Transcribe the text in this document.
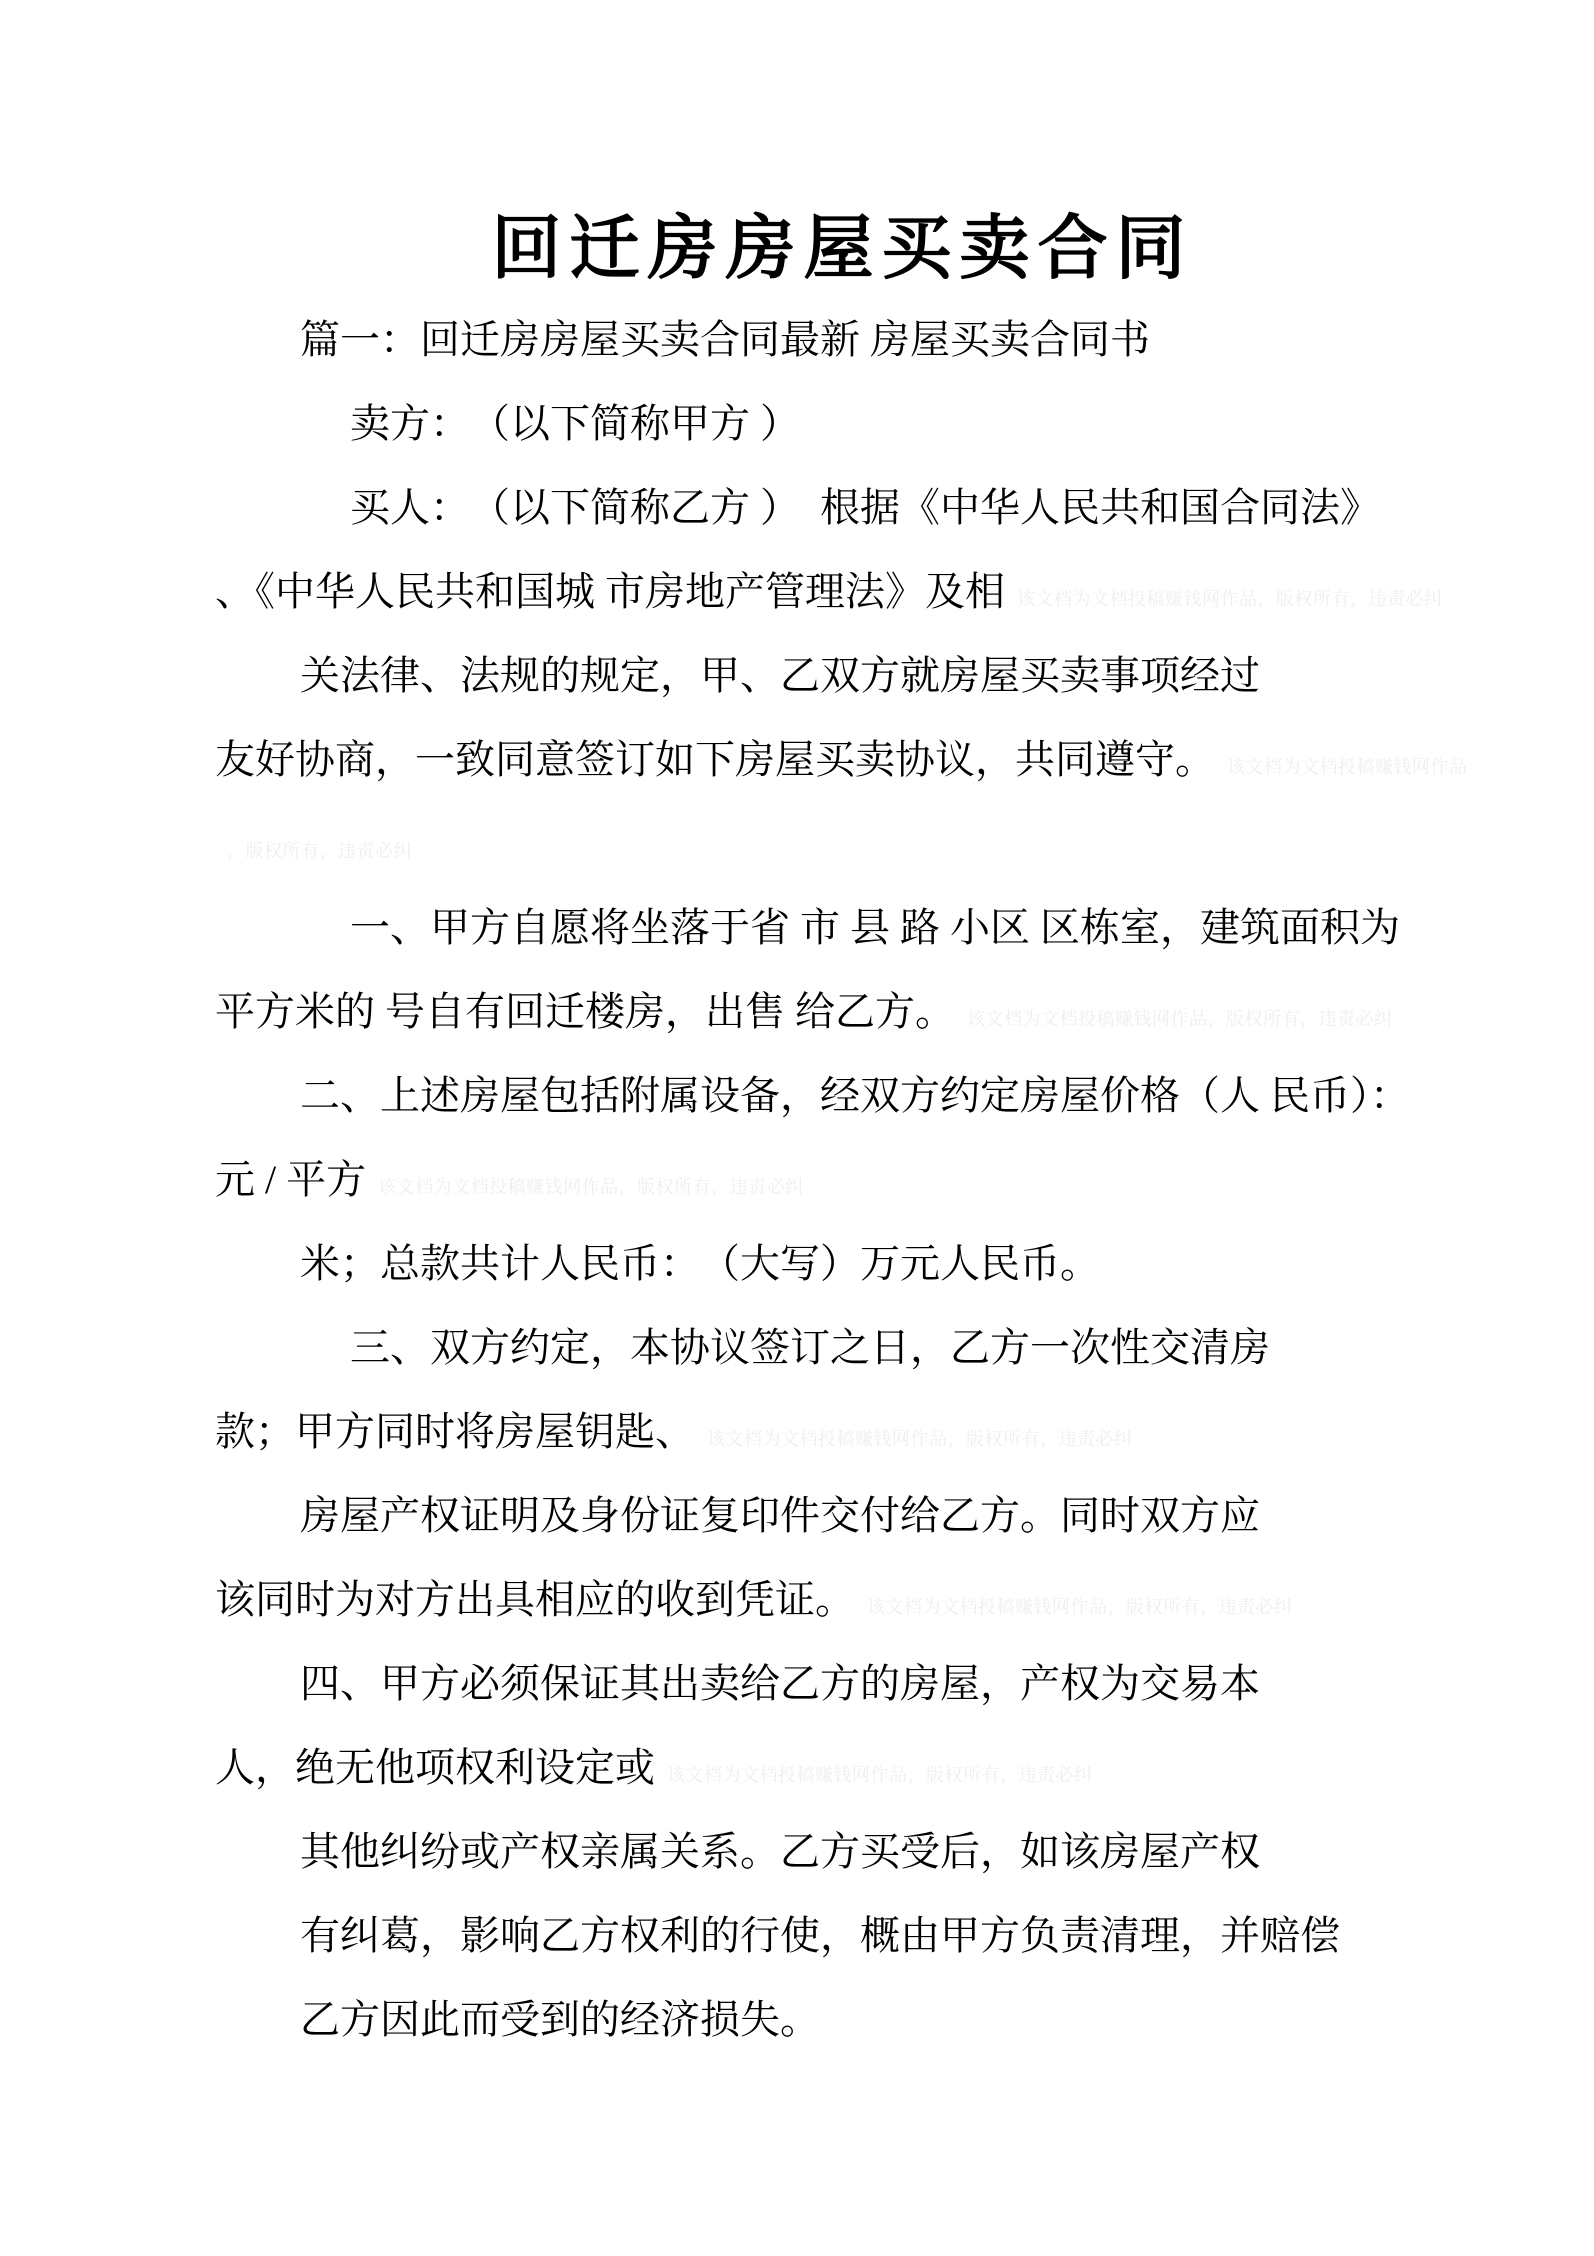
回迁房房屋买卖合同
篇一：回迁房房屋买卖合同最新 房屋买卖合同书
卖方：　（以下简称甲方 ）
买人：　（以下简称乙方 ）　根据《中华人民共和国合同法》
、《中华人民共和国城 市房地产管理法》及相 该文档为文档投稿赚钱网作品，版权所有，违责必纠
关法律、法规的规定，甲、乙双方就房屋买卖事项经过
友好协商，一致同意签订如下房屋买卖协议，共同遵守。 该文档为文档投稿赚钱网作品
，版权所有，违责必纠
一、甲方自愿将坐落于省 市 县 路 小区 区栋室，建筑面积为
平方米的 号自有回迁楼房，出售 给乙方。 该文档为文档投稿赚钱网作品，版权所有，违责必纠
二、上述房屋包括附属设备，经双方约定房屋价格（人 民币）：
元 / 平方 该文档为文档投稿赚钱网作品，版权所有，违责必纠
米；总款共计人民币：　（大写）万元人民币。
三、双方约定，本协议签订之日，乙方一次性交清房
款；甲方同时将房屋钥匙、 该文档为文档投稿赚钱网作品，版权所有，违责必纠
房屋产权证明及身份证复印件交付给乙方。同时双方应
该同时为对方出具相应的收到凭证。 该文档为文档投稿赚钱网作品，版权所有，违责必纠
四、甲方必须保证其出卖给乙方的房屋，产权为交易本
人，绝无他项权利设定或 该文档为文档投稿赚钱网作品，版权所有，违责必纠
其他纠纷或产权亲属关系。乙方买受后，如该房屋产权
有纠葛，影响乙方权利的行使，概由甲方负责清理，并赔偿
乙方因此而受到的经济损失。
